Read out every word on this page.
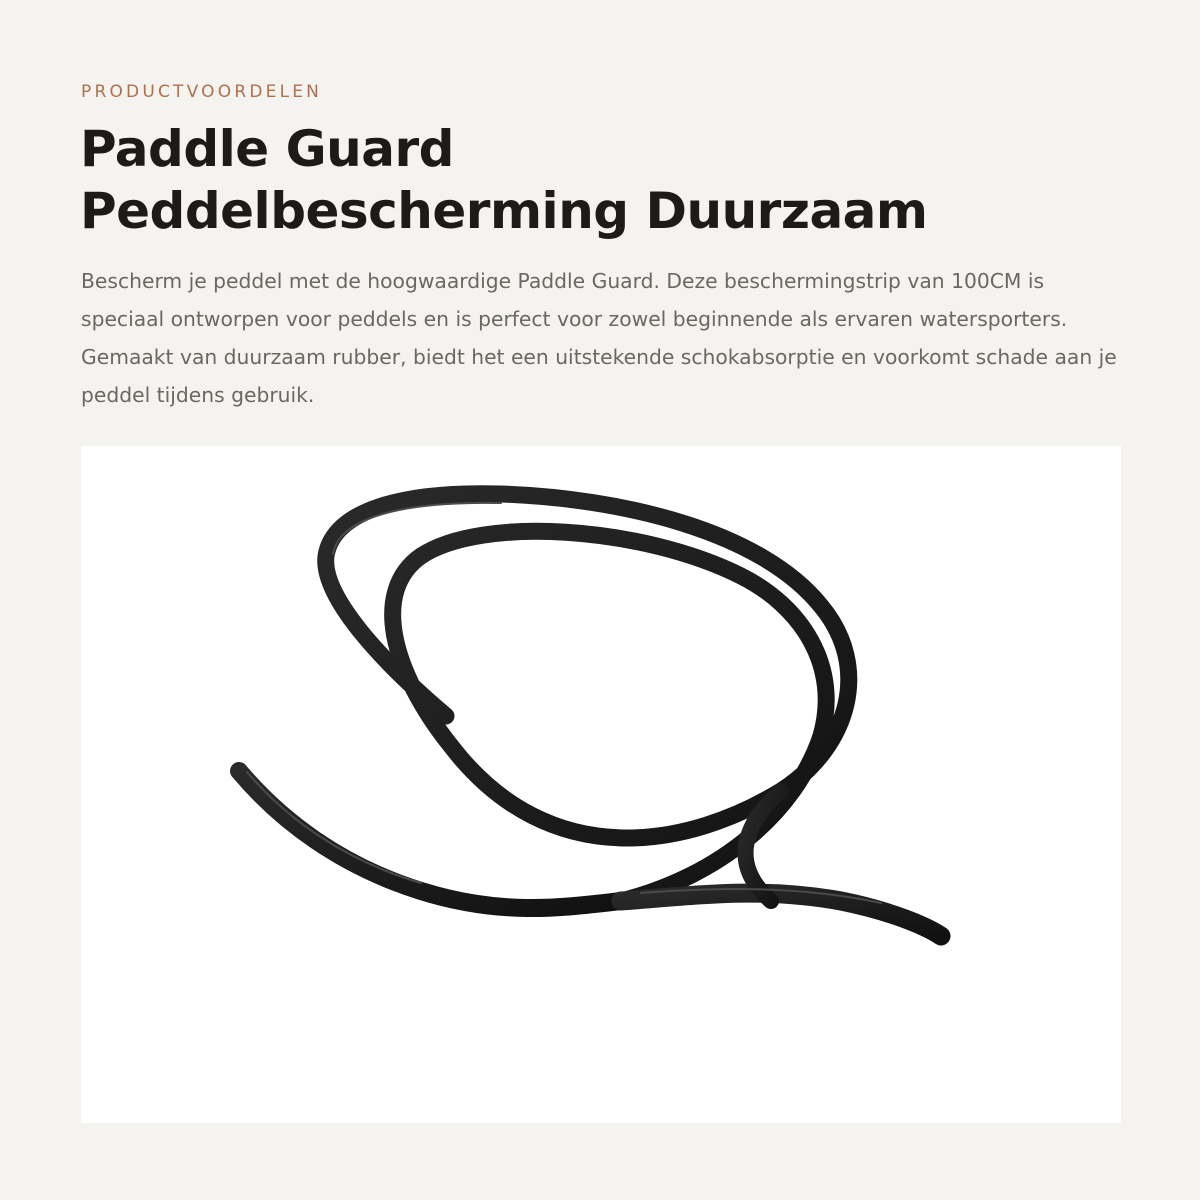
PRODUCTVOORDELEN
Paddle Guard
Peddelbescherming Duurzaam

Bescherm je peddel met de hoogwaardige Paddle Guard. Deze beschermingstrip van 100CM is speciaal ontworpen voor peddels en is perfect voor zowel beginnende als ervaren watersporters. Gemaakt van duurzaam rubber, biedt het een uitstekende schokabsorptie en voorkomt schade aan je peddel tijdens gebruik.
